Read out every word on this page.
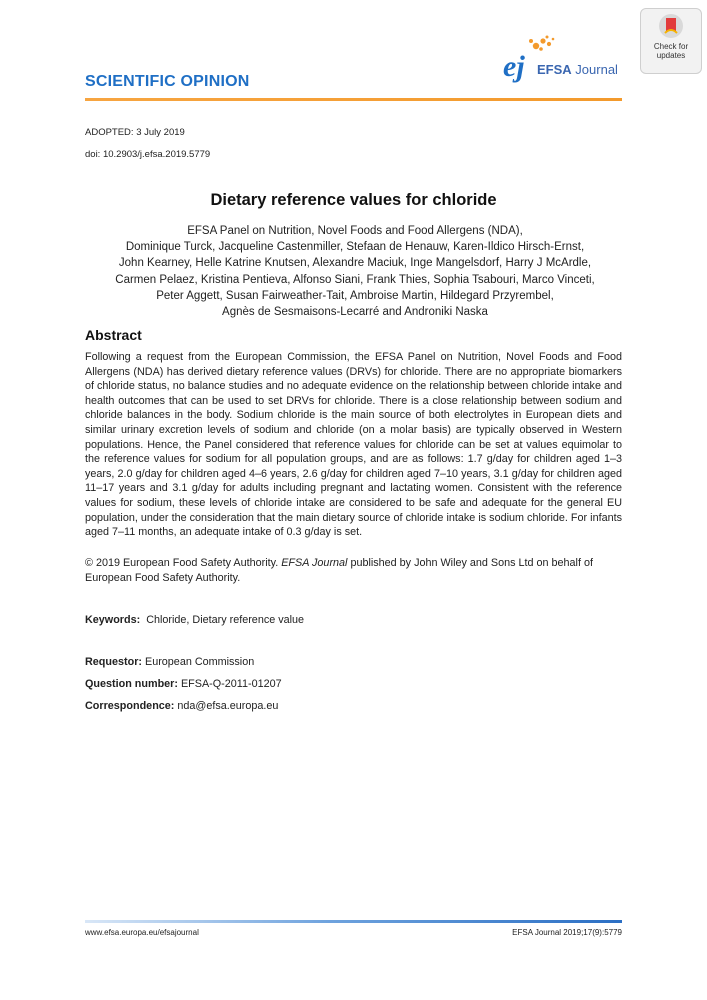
SCIENTIFIC OPINION	ej EFSA Journal
Check for
updates
ADOPTED: 3 July 2019
doi: 10.2903/j.efsa.2019.5779
Dietary reference values for chloride
EFSA Panel on Nutrition, Novel Foods and Food Allergens (NDA),
Dominique Turck, Jacqueline Castenmiller, Stefaan de Henauw, Karen-Ildico Hirsch-Ernst,
John Kearney, Helle Katrine Knutsen, Alexandre Maciuk, Inge Mangelsdorf, Harry J McArdle,
Carmen Pelaez, Kristina Pentieva, Alfonso Siani, Frank Thies, Sophia Tsabouri, Marco Vinceti,
Peter Aggett, Susan Fairweather-Tait, Ambroise Martin, Hildegard Przyrembel,
Agnès de Sesmaisons-Lecarré and Androniki Naska
Abstract
Following a request from the European Commission, the EFSA Panel on Nutrition, Novel Foods and Food Allergens (NDA) has derived dietary reference values (DRVs) for chloride. There are no appropriate biomarkers of chloride status, no balance studies and no adequate evidence on the relationship between chloride intake and health outcomes that can be used to set DRVs for chloride. There is a close relationship between sodium and chloride balances in the body. Sodium chloride is the main source of both electrolytes in European diets and similar urinary excretion levels of sodium and chloride (on a molar basis) are typically observed in Western populations. Hence, the Panel considered that reference values for chloride can be set at values equimolar to the reference values for sodium for all population groups, and are as follows: 1.7 g/day for children aged 1–3 years, 2.0 g/day for children aged 4–6 years, 2.6 g/day for children aged 7–10 years, 3.1 g/day for children aged 11–17 years and 3.1 g/day for adults including pregnant and lactating women. Consistent with the reference values for sodium, these levels of chloride intake are considered to be safe and adequate for the general EU population, under the consideration that the main dietary source of chloride intake is sodium chloride. For infants aged 7–11 months, an adequate intake of 0.3 g/day is set.
© 2019 European Food Safety Authority. EFSA Journal published by John Wiley and Sons Ltd on behalf of European Food Safety Authority.
Keywords: Chloride, Dietary reference value
Requestor: European Commission
Question number: EFSA-Q-2011-01207
Correspondence: nda@efsa.europa.eu
www.efsa.europa.eu/efsajournal	EFSA Journal 2019;17(9):5779
